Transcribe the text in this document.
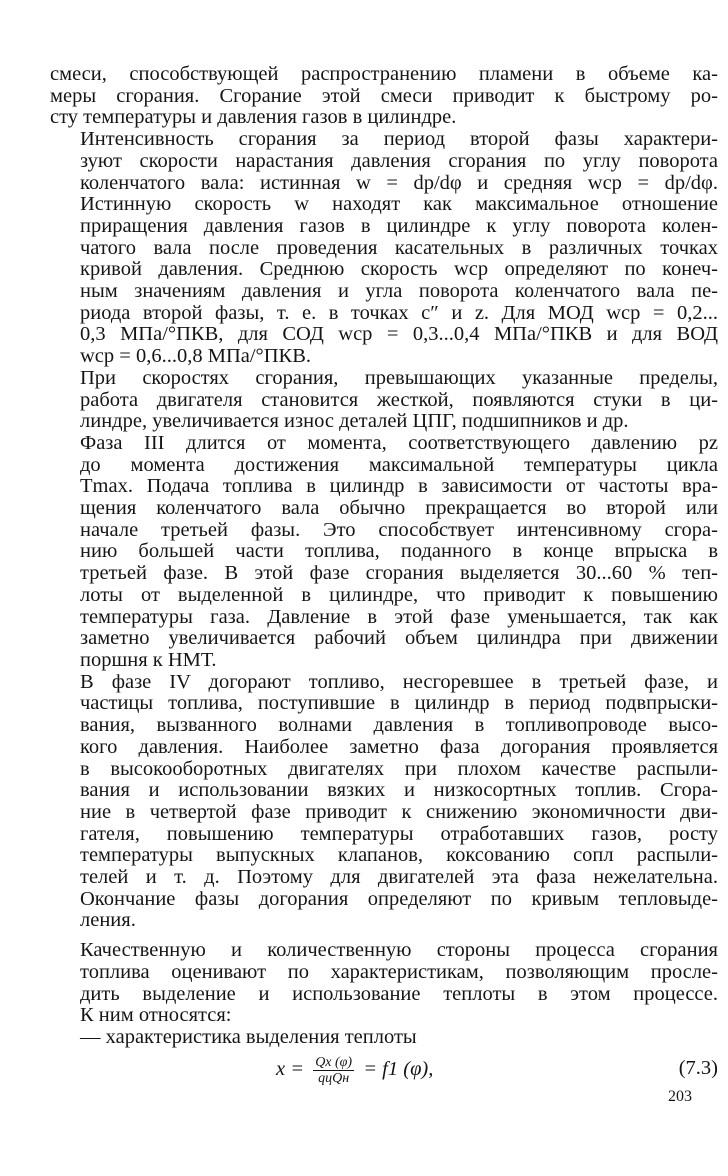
смеси, способствующей распространению пламени в объеме ка-
меры сгорания. Сгорание этой смеси приводит к быстрому ро-
сту температуры и давления газов в цилиндре.

Интенсивность сгорания за период второй фазы характери-
зуют скорости нарастания давления сгорания по углу поворота
коленчатого вала: истинная w = dp/dφ и средняя wср = dp/dφ.
Истинную скорость w находят как максимальное отношение
приращения давления газов в цилиндре к углу поворота колен-
чатого вала после проведения касательных в различных точках
кривой давления. Среднюю скорость wср определяют по конеч-
ным значениям давления и угла поворота коленчатого вала пе-
риода второй фазы, т. е. в точках c″ и z. Для МОД wср = 0,2...
0,3 МПа/°ПКВ, для СОД wср = 0,3...0,4 МПа/°ПКВ и для ВОД
wср = 0,6...0,8 МПа/°ПКВ.

При скоростях сгорания, превышающих указанные пределы,
работа двигателя становится жесткой, появляются стуки в ци-
линдре, увеличивается износ деталей ЦПГ, подшипников и др.

Фаза III длится от момента, соответствующего давлению pz
до момента достижения максимальной температуры цикла
Tmax. Подача топлива в цилиндр в зависимости от частоты вра-
щения коленчатого вала обычно прекращается во второй или
начале третьей фазы. Это способствует интенсивному сгора-
нию большей части топлива, поданного в конце впрыска в
третьей фазе. В этой фазе сгорания выделяется 30...60 % теп-
лоты от выделенной в цилиндре, что приводит к повышению
температуры газа. Давление в этой фазе уменьшается, так как
заметно увеличивается рабочий объем цилиндра при движении
поршня к НМТ.

В фазе IV догорают топливо, несгоревшее в третьей фазе, и
частицы топлива, поступившие в цилиндр в период подвпрыски-
вания, вызванного волнами давления в топливопроводе высо-
кого давления. Наиболее заметно фаза догорания проявляется
в высокооборотных двигателях при плохом качестве распыли-
вания и использовании вязких и низкосортных топлив. Сгора-
ние в четвертой фазе приводит к снижению экономичности дви-
гателя, повышению температуры отработавших газов, росту
температуры выпускных клапанов, коксованию сопл распыли-
телей и т. д. Поэтому для двигателей эта фаза нежелательна.
Окончание фазы догорания определяют по кривым тепловыде-
ления.

Качественную и количественную стороны процесса сгорания
топлива оценивают по характеристикам, позволяющим просле-
дить выделение и использование теплоты в этом процессе.
К ним относятся:

— характеристика выделения теплоты

$x = \frac{Qx (\varphi)}{\text{qцQн}} = f1$ (φ),	(7.3)
203
